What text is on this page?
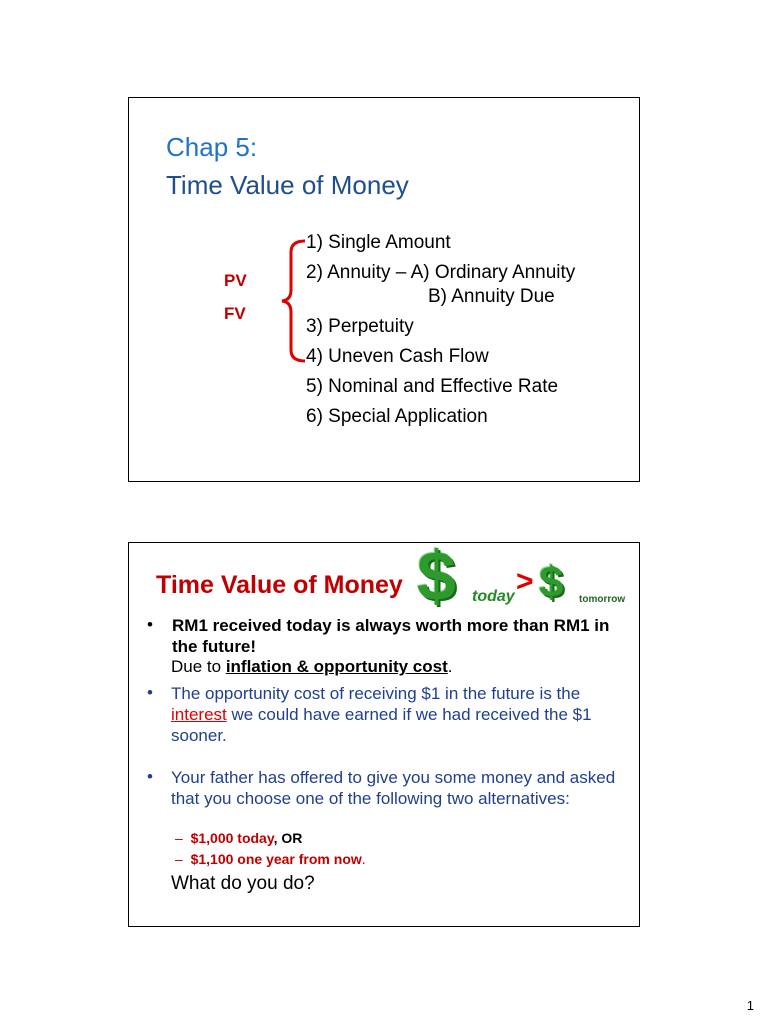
Chap 5:
Time Value of Money
PV
FV
1) Single Amount
2) Annuity – A) Ordinary Annuity
B) Annuity Due
3) Perpetuity
4) Uneven Cash Flow
5) Nominal and Effective Rate
6) Special Application
Time Value of Money $ today > $ tomorrow
• RM1 received today is always worth more than RM1 in the future!
Due to inflation & opportunity cost.
• The opportunity cost of receiving $1 in the future is the interest we could have earned if we had received the $1 sooner.
• Your father has offered to give you some money and asked that you choose one of the following two alternatives:
–  $1,000 today, OR
–  $1,100 one year from now.
What do you do?
1
